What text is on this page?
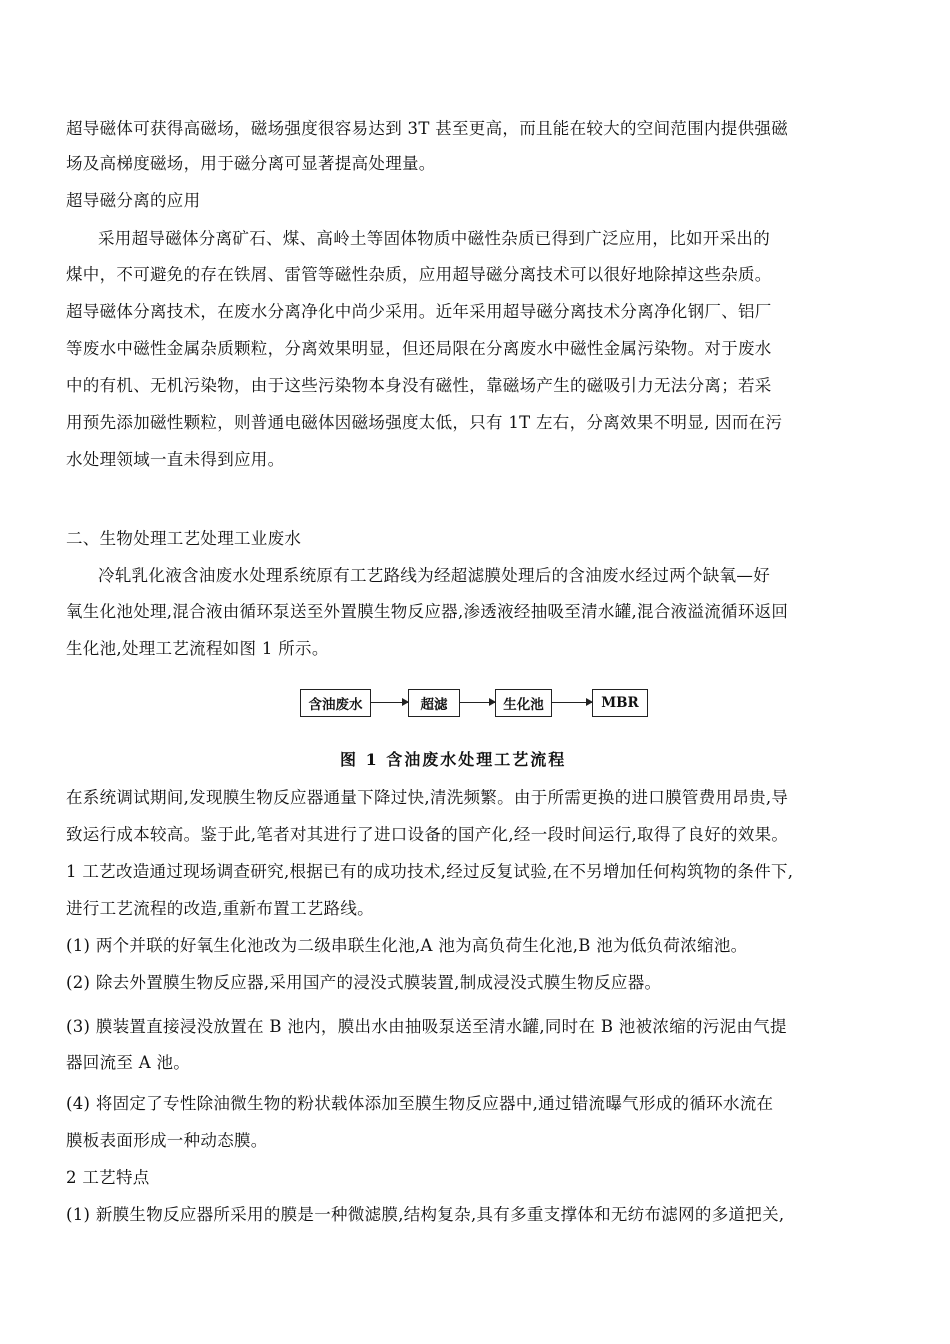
超导磁体可获得高磁场，磁场强度很容易达到 3T 甚至更高，而且能在较大的空间范围内提供强磁
场及高梯度磁场，用于磁分离可显著提高处理量。
超导磁分离的应用
采用超导磁体分离矿石、煤、高岭土等固体物质中磁性杂质已得到广泛应用，比如开采出的
煤中，不可避免的存在铁屑、雷管等磁性杂质，应用超导磁分离技术可以很好地除掉这些杂质。
超导磁体分离技术，在废水分离净化中尚少采用。近年采用超导磁分离技术分离净化钢厂、铝厂
等废水中磁性金属杂质颗粒，分离效果明显，但还局限在分离废水中磁性金属污染物。对于废水
中的有机、无机污染物，由于这些污染物本身没有磁性，靠磁场产生的磁吸引力无法分离；若采
用预先添加磁性颗粒，则普通电磁体因磁场强度太低，只有 1T 左右，分离效果不明显, 因而在污
水处理领域一直未得到应用。
二、生物处理工艺处理工业废水
冷轧乳化液含油废水处理系统原有工艺路线为经超滤膜处理后的含油废水经过两个缺氧—好
氧生化池处理,混合液由循环泵送至外置膜生物反应器,渗透液经抽吸至清水罐,混合液溢流循环返回
生化池,处理工艺流程如图 1 所示。
含油废水	超滤	生化池	MBR
图 1 含油废水处理工艺流程
在系统调试期间,发现膜生物反应器通量下降过快,清洗频繁。由于所需更换的进口膜管费用昂贵,导
致运行成本较高。鉴于此,笔者对其进行了进口设备的国产化,经一段时间运行,取得了良好的效果。
1 工艺改造通过现场调查研究,根据已有的成功技术,经过反复试验,在不另增加任何构筑物的条件下,
进行工艺流程的改造,重新布置工艺路线。
(1) 两个并联的好氧生化池改为二级串联生化池,A 池为高负荷生化池,B 池为低负荷浓缩池。
(2) 除去外置膜生物反应器,采用国产的浸没式膜装置,制成浸没式膜生物反应器。
(3) 膜装置直接浸没放置在 B 池内，膜出水由抽吸泵送至清水罐,同时在 B 池被浓缩的污泥由气提
器回流至 A 池。
(4) 将固定了专性除油微生物的粉状载体添加至膜生物反应器中,通过错流曝气形成的循环水流在
膜板表面形成一种动态膜。
2 工艺特点
(1) 新膜生物反应器所采用的膜是一种微滤膜,结构复杂,具有多重支撑体和无纺布滤网的多道把关,
